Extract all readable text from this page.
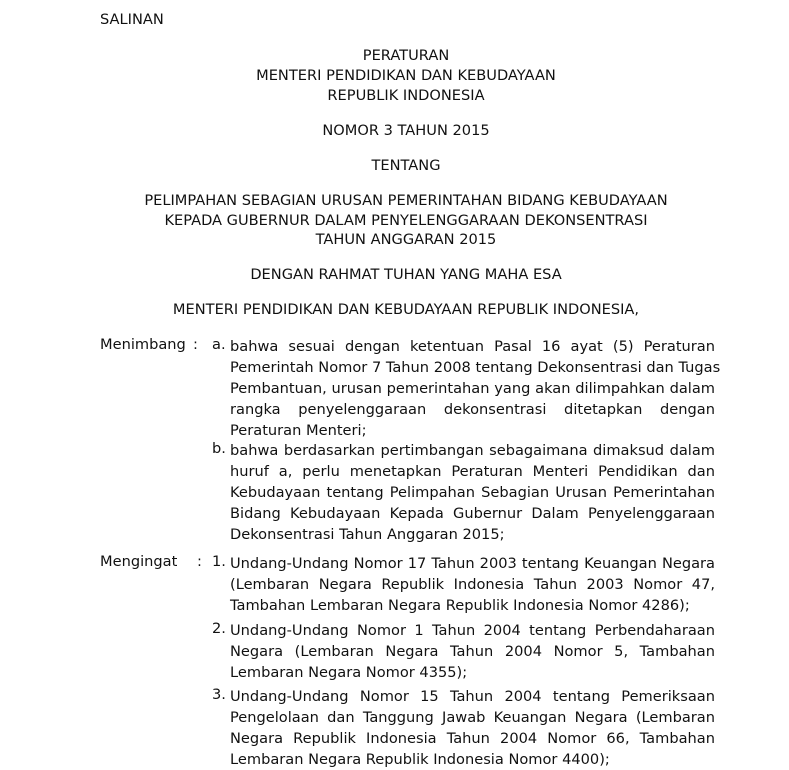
SALINAN
PERATURAN
MENTERI PENDIDIKAN DAN KEBUDAYAAN
REPUBLIK INDONESIA
NOMOR 3 TAHUN 2015
TENTANG
PELIMPAHAN SEBAGIAN URUSAN PEMERINTAHAN BIDANG KEBUDAYAAN
KEPADA GUBERNUR DALAM PENYELENGGARAAN DEKONSENTRASI
TAHUN ANGGARAN 2015
DENGAN RAHMAT TUHAN YANG MAHA ESA
MENTERI PENDIDIKAN DAN KEBUDAYAAN REPUBLIK INDONESIA,
Menimbang : a. bahwa sesuai dengan ketentuan Pasal 16 ayat (5) Peraturan
Pemerintah Nomor 7 Tahun 2008 tentang Dekonsentrasi dan Tugas
Pembantuan, urusan pemerintahan yang akan dilimpahkan dalam
rangka penyelenggaraan dekonsentrasi ditetapkan dengan
Peraturan Menteri;
b. bahwa berdasarkan pertimbangan sebagaimana dimaksud dalam
huruf a, perlu menetapkan Peraturan Menteri Pendidikan dan
Kebudayaan tentang Pelimpahan Sebagian Urusan Pemerintahan
Bidang Kebudayaan Kepada Gubernur Dalam Penyelenggaraan
Dekonsentrasi Tahun Anggaran 2015;
Mengingat : 1. Undang-Undang Nomor 17 Tahun 2003 tentang Keuangan Negara
(Lembaran Negara Republik Indonesia Tahun 2003 Nomor 47,
Tambahan Lembaran Negara Republik Indonesia Nomor 4286);
2. Undang-Undang Nomor 1 Tahun 2004 tentang Perbendaharaan
Negara (Lembaran Negara Tahun 2004 Nomor 5, Tambahan
Lembaran Negara Nomor 4355);
3. Undang-Undang Nomor 15 Tahun 2004 tentang Pemeriksaan
Pengelolaan dan Tanggung Jawab Keuangan Negara (Lembaran
Negara Republik Indonesia Tahun 2004 Nomor 66, Tambahan
Lembaran Negara Republik Indonesia Nomor 4400);
